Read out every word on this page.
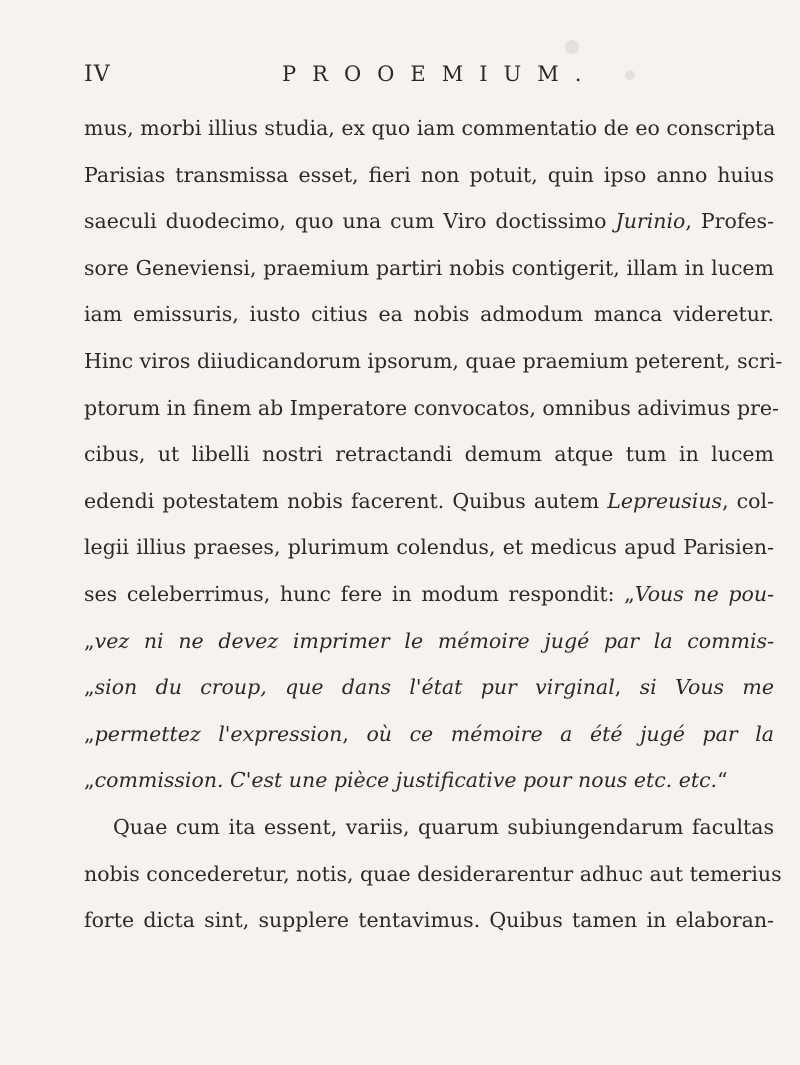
IV	PROOEMIUM.
mus, morbi illius studia, ex quo iam commentatio de eo conscripta
Parisias transmissa esset, fieri non potuit, quin ipso anno huius
saeculi duodecimo, quo una cum Viro doctissimo Jurinio, Profes-
sore Geneviensi, praemium partiri nobis contigerit, illam in lucem
iam emissuris, iusto citius ea nobis admodum manca videretur.
Hinc viros diiudicandorum ipsorum, quae praemium peterent, scri-
ptorum in finem ab Imperatore convocatos, omnibus adivimus pre-
cibus, ut libelli nostri retractandi demum atque tum in lucem
edendi potestatem nobis facerent. Quibus autem Lepreusius, col-
legii illius praeses, plurimum colendus, et medicus apud Parisien-
ses celeberrimus, hunc fere in modum respondit: „Vous ne pou-
„vez ni ne devez imprimer le mémoire jugé par la commis-
„sion du croup, que dans l'état pur virginal, si Vous me
„permettez l'expression, où ce mémoire a été jugé par la
„commission. C'est une pièce justificative pour nous etc. etc.“
Quae cum ita essent, variis, quarum subiungendarum facultas
nobis concederetur, notis, quae desiderarentur adhuc aut temerius
forte dicta sint, supplere tentavimus. Quibus tamen in elaboran-
